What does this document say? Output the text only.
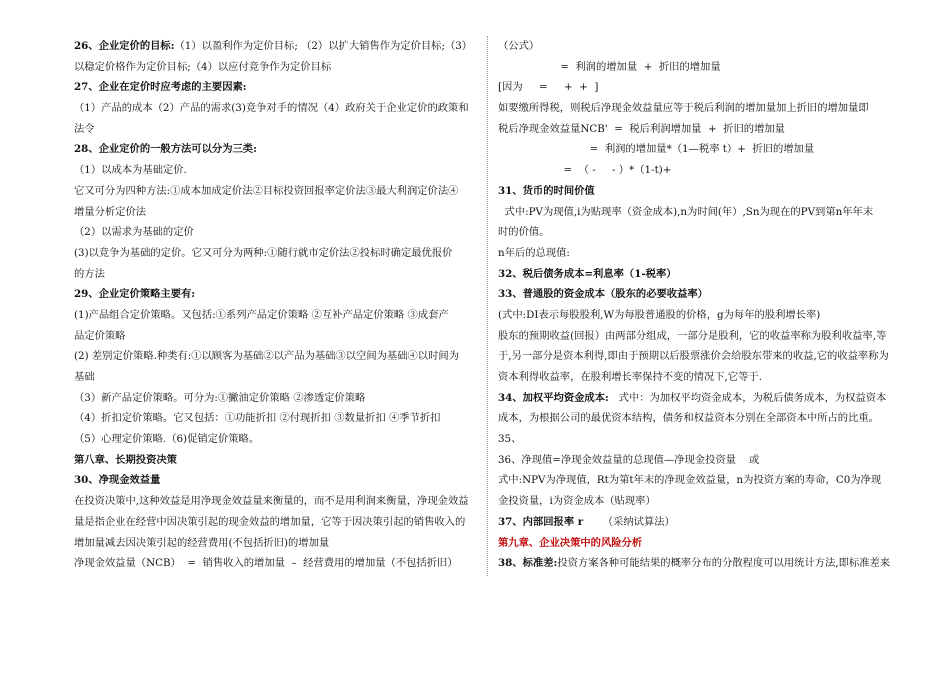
26、企业定价的目标:（1）以盈利作为定价目标; （2）以扩大销售作为定价目标;（3）
以稳定价格作为定价目标;（4）以应付竞争作为定价目标
27、企业在定价时应考虑的主要因素:
（1）产品的成本（2）产品的需求(3)竞争对手的情况（4）政府关于企业定价的政策和
法令
28、企业定价的一般方法可以分为三类:
（1）以成本为基础定价.
它又可分为四种方法:①成本加成定价法②目标投资回报率定价法③最大利润定价法④
增量分析定价法
（2）以需求为基础的定价
(3)以竞争为基础的定价。它又可分为两种:①随行就市定价法②投标时确定最优报价
的方法
29、企业定价策略主要有:
(1)产品组合定价策略。又包括:①系列产品定价策略 ②互补产品定价策略 ③成套产
品定价策略
(2) 差别定价策略.种类有:①以顾客为基础②以产品为基础③以空间为基础④以时间为
基础
（3）新产品定价策略。可分为:①撇油定价策略 ②渗透定价策略
（4）折扣定价策略。它又包括：①功能折扣 ②付现折扣 ③数量折扣 ④季节折扣
（5）心理定价策略.（6)促销定价策略。
第八章、长期投资决策
30、净现金效益量
在投资决策中,这种效益是用净现金效益量来衡量的，而不是用利润来衡量，净现金效益
量是指企业在经营中因决策引起的现金效益的增加量，它等于因决策引起的销售收入的
增加量减去因决策引起的经营费用(不包括折旧)的增加量
净现金效益量（NCB）  =  销售收入的增加量  –  经营费用的增加量（不包括折旧）
（公式）
=  利润的增加量  +  折旧的增加量
[因为     =     +  +  ]
如要缴所得税，则税后净现金效益量应等于税后利润的增加量加上折旧的增加量即
税后净现金效益量NCB'  =  税后利润增加量  +  折旧的增加量
=  利润的增加量*（1—税率 t）+  折旧的增加量
=  （ -     - ）*（1-t)+
31、货币的时间价值
式中:PV为现值,i为贴现率（资金成本),n为时间(年）,Sn为现在的PV到第n年年末
时的价值。
n年后的总现值:
32、税后债务成本=利息率（1-税率）
33、普通股的资金成本（股东的必要收益率）
(式中:DI表示每股股利,W为每股普通股的价格，g为每年的股利增长率)
股东的预期收益(回报）由两部分组成，一部分是股利，它的收益率称为股利收益率,等
于,另一部分是资本利得,即由于预期以后股票涨价会给股东带来的收益,它的收益率称为
资本利得收益率，在股利增长率保持不变的情况下,它等于.
34、加权平均资金成本:   式中：为加权平均资金成本，为税后债务成本，为权益资本
成本，为根据公司的最优资本结构，债务和权益资本分别在全部资本中所占的比重。
35、
36、净现值=净现金效益量的总现值—净现金投资量    或
式中:NPV为净现值，Rt为第t年末的净现金效益量，n为投资方案的寿命，C0为净现
金投资量，i为资金成本（贴现率）
37、内部回报率 r      （采纳试算法）
第九章、企业决策中的风险分析
38、标准差:投资方案各种可能结果的概率分布的分散程度可以用统计方法,即标准差来
